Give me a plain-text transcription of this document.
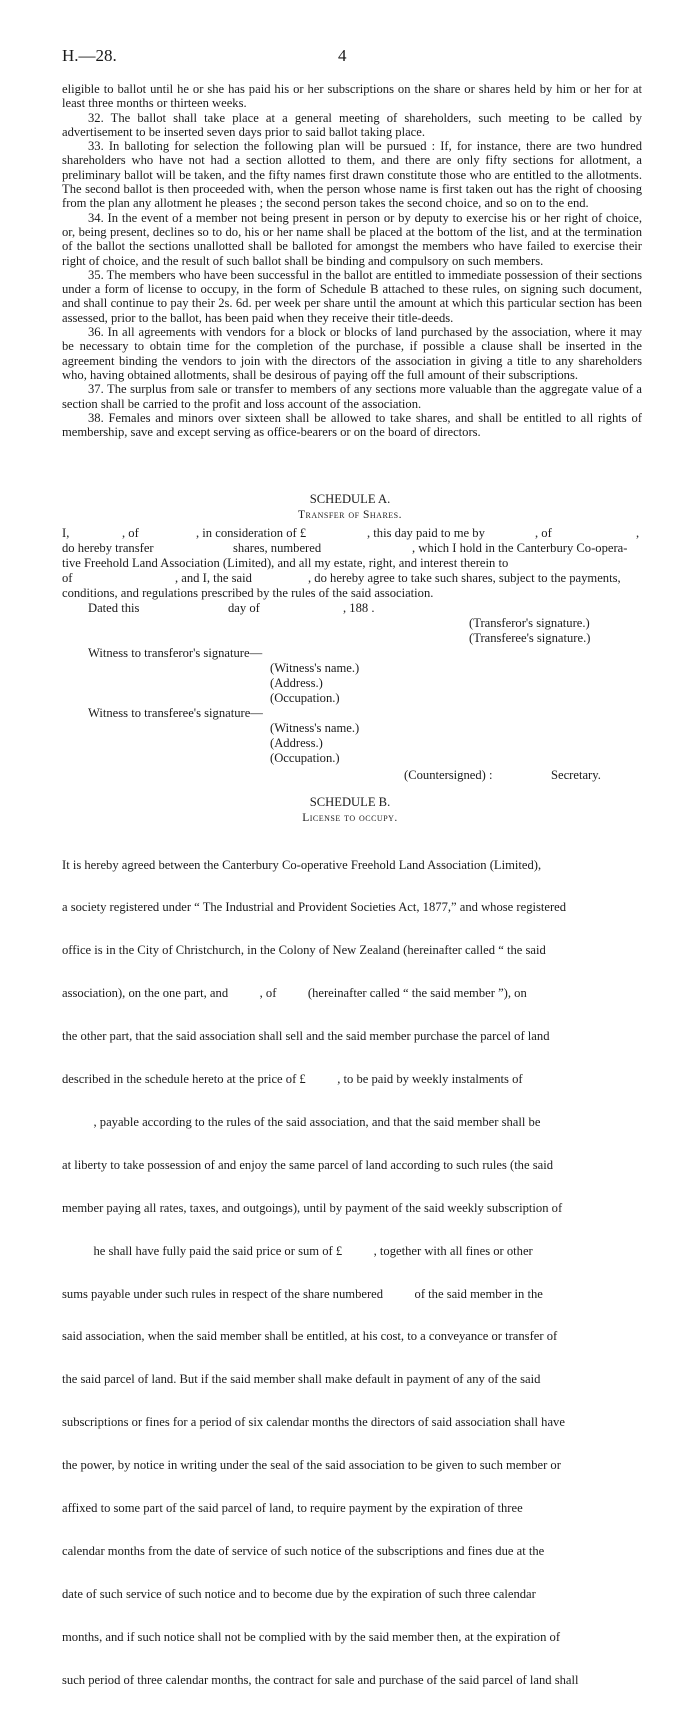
H.—28.	4

eligible to ballot until he or she has paid his or her subscriptions on the share or shares held by him or her for at least three months or thirteen weeks.

32. The ballot shall take place at a general meeting of shareholders, such meeting to be called by advertisement to be inserted seven days prior to said ballot taking place.

33. In balloting for selection the following plan will be pursued : If, for instance, there are two hundred shareholders who have not had a section allotted to them, and there are only fifty sections for allotment, a preliminary ballot will be taken, and the fifty names first drawn constitute those who are entitled to the allotments. The second ballot is then proceeded with, when the person whose name is first taken out has the right of choosing from the plan any allotment he pleases ; the second person takes the second choice, and so on to the end.

34. In the event of a member not being present in person or by deputy to exercise his or her right of choice, or, being present, declines so to do, his or her name shall be placed at the bottom of the list, and at the termination of the ballot the sections unallotted shall be balloted for amongst the members who have failed to exercise their right of choice, and the result of such ballot shall be binding and compulsory on such members.

35. The members who have been successful in the ballot are entitled to immediate possession of their sections under a form of license to occupy, in the form of Schedule B attached to these rules, on signing such document, and shall continue to pay their 2s. 6d. per week per share until the amount at which this particular section has been assessed, prior to the ballot, has been paid when they receive their title-deeds.

36. In all agreements with vendors for a block or blocks of land purchased by the association, where it may be necessary to obtain time for the completion of the purchase, if possible a clause shall be inserted in the agreement binding the vendors to join with the directors of the association in giving a title to any shareholders who, having obtained allotments, shall be desirous of paying off the full amount of their subscriptions.

37. The surplus from sale or transfer to members of any sections more valuable than the aggregate value of a section shall be carried to the profit and loss account of the association.

38. Females and minors over sixteen shall be allowed to take shares, and shall be entitled to all rights of membership, save and except serving as office-bearers or on the board of directors.

SCHEDULE A.
Transfer of Shares.
I,	, of	, in consideration of £	, this day paid to me by	, of	,
do hereby transfer	shares, numbered	, which I hold in the Canterbury Co-opera-
tive Freehold Land Association (Limited), and all my estate, right, and interest therein to
of	, and I, the said	, do hereby agree to take such shares, subject to the payments,
conditions, and regulations prescribed by the rules of the said association.
Dated this	day of	, 188 .
(Transferor's signature.)
(Transferee's signature.)
Witness to transferor's signature—
(Witness's name.)
(Address.)
(Occupation.)
Witness to transferee's signature—
(Witness's name.)
(Address.)
(Occupation.)
(Countersigned) :	Secretary.
SCHEDULE B.
License to occupy.

It is hereby agreed between the Canterbury Co-operative Freehold Land Association (Limited),

a society registered under “ The Industrial and Provident Societies Act, 1877,” and whose registered

office is in the City of Christchurch, in the Colony of New Zealand (hereinafter called “ the said

association), on the one part, and          , of          (hereinafter called “ the said member ”), on

the other part, that the said association shall sell and the said member purchase the parcel of land

described in the schedule hereto at the price of £          , to be paid by weekly instalments of

, payable according to the rules of the said association, and that the said member shall be

at liberty to take possession of and enjoy the same parcel of land according to such rules (the said

member paying all rates, taxes, and outgoings), until by payment of the said weekly subscription of

he shall have fully paid the said price or sum of £          , together with all fines or other

sums payable under such rules in respect of the share numbered          of the said member in the

said association, when the said member shall be entitled, at his cost, to a conveyance or transfer of

the said parcel of land. But if the said member shall make default in payment of any of the said

subscriptions or fines for a period of six calendar months the directors of said association shall have

the power, by notice in writing under the seal of the said association to be given to such member or

affixed to some part of the said parcel of land, to require payment by the expiration of three

calendar months from the date of service of such notice of the subscriptions and fines due at the

date of such service of such notice and to become due by the expiration of such three calendar

months, and if such notice shall not be complied with by the said member then, at the expiration of

such period of three calendar months, the contract for sale and purchase of the said parcel of land shall
